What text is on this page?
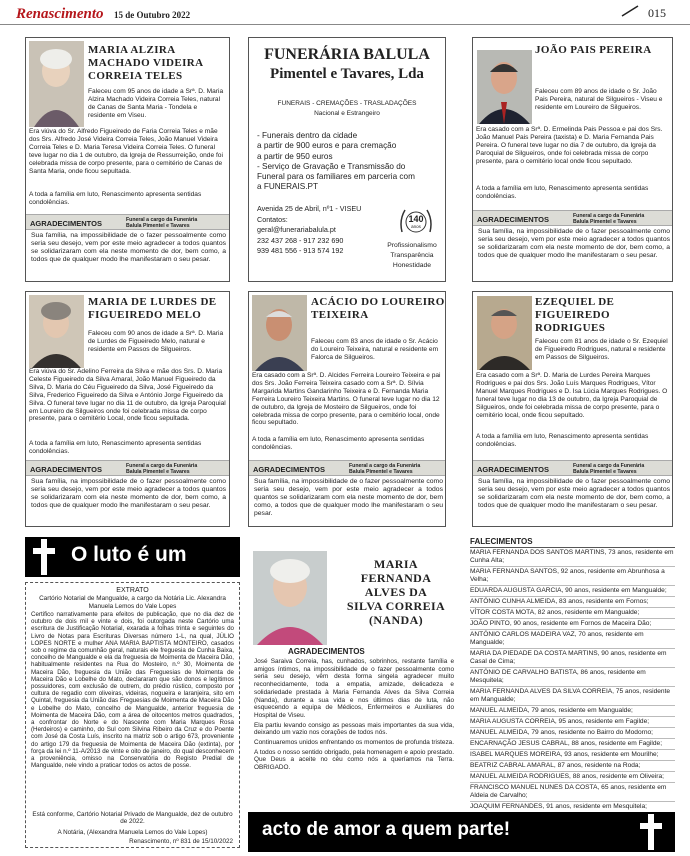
Renascimento 15 de Outubro 2022	015
MARIA ALZIRA
MACHADO VIDEIRA
CORREIA TELES
Faleceu com 95 anos de idade a Srª. D. Maria Alzira Machado Videira Correia Teles, natural de Canas de Santa Maria - Tondela e residente em Viseu.
Era viúva do Sr. Alfredo Figueiredo de Faria Correia Teles e mãe dos Srs. Alfredo José Videira Correia Teles, João Manuel Videira Correia Teles e D. Maria Teresa Videira Correia Teles. O funeral teve lugar no dia 1 de outubro, da Igreja de Ressurreição, onde foi celebrada missa de corpo presente, para o cemitério de Canas de Santa Maria, onde ficou sepultada.
A toda a família em luto, Renascimento apresenta sentidas condolências.
AGRADECIMENTOS	Funeral a cargo da Funerária
Balula Pimentel e Tavares
Sua família, na impossibilidade de o fazer pessoalmente como seria seu desejo, vem por este meio agradecer a todos quantos se solidarizaram com ela neste momento de dor, bem como, a todos que de qualquer modo lhe manifestaram o seu pesar.
FUNERÁRIA BALULA
Pimentel e Tavares, Lda
FUNERAIS - CREMAÇÕES - TRASLADAÇÕES
Nacional e Estrangeiro
- Funerais dentro da cidade
a partir de 900 euros e para cremação
a partir de 950 euros
- Serviço de Gravação e Transmissão do
Funeral para os familiares em parceria com
a FUNERAIS.PT
Avenida 25 de Abril, nº1 - VISEU
Contatos:
geral@funerariabalula.pt
232 437 268 - 917 232 690
939 481 556 - 913 574 192
140
anos
Profissionalismo
Transparência
Honestidade
JOÃO PAIS PEREIRA
Faleceu com 89 anos de idade o Sr. João Pais Pereira, natural de Silgueiros - Viseu e residente em Loureiro de Silgueiros.
Era casado com a Srª. D. Ermelinda Pais Pessoa e pai dos Srs. João Manuel Pais Pereira (taxista) e D. Maria Fernanda Pais Pereira. O funeral teve lugar no dia 7 de outubro, da Igreja da Paroquial de Silgueiros, onde foi celebrada missa de corpo presente, para o cemitério local onde ficou sepultado.
A toda a família em luto, Renascimento apresenta sentidas condolências.
AGRADECIMENTOS	Funeral a cargo da Funerária
Balula Pimentel e Tavares
Sua família, na impossibilidade de o fazer pessoalmente como seria seu desejo, vem por este meio agradecer a todos quantos se solidarizaram com ela neste momento de dor, bem como, a todos que de qualquer modo lhe manifestaram o seu pesar.
MARIA DE LURDES DE
FIGUEIREDO MELO
Faleceu com 90 anos de idade a Srª. D. Maria de Lurdes de Figueiredo Melo, natural e residente em Passos de Silgueiros.
Era viúva do Sr. Adelino Ferreira da Silva e mãe dos Srs. D. Maria Celeste Figueiredo da Silva Amaral, João Manuel Figueiredo da Silva, D. Maria do Céu Figueiredo da Silva, José Figueiredo da Silva, Frederico Figueiredo da Silva e António Jorge Figueiredo da Silva. O funeral teve lugar no dia 11 de outubro, da Igreja Paroquial em Loureiro de Silgueiros onde foi celebrada missa de corpo presente, para o cemitério Local, onde ficou sepultada.
A toda a família em luto, Renascimento apresenta sentidas condolências.
AGRADECIMENTOS	Funeral a cargo da Funerária
Balula Pimentel e Tavares
Sua família, na impossibilidade de o fazer pessoalmente como seria seu desejo, vem por este meio agradecer a todos quantos se solidarizaram com ela neste momento de dor, bem como, a todos que de qualquer modo lhe manifestaram o seu pesar.
ACÁCIO DO LOUREIRO
TEIXEIRA
Faleceu com 83 anos de idade o Sr. Acácio do Loureiro Teixeira, natural e residente em Falorca de Silgueiros.
Era casado com a Srª. D. Alcides Ferreira Loureiro Teixeira e pai dos Srs. João Ferreira Teixeira casado com a Srª. D. Sílvia Margarida Martins Gandarinho Teixeira e D. Fernanda Maria Ferreira Loureiro Teixeira Martins. O funeral teve lugar no dia 12 de outubro, da Igreja de Mosteiro de Silgueiros, onde foi celebrada missa de corpo presente, para o cemitério local, onde ficou sepultado.
A toda a família em luto, Renascimento apresenta sentidas condolências.
AGRADECIMENTOS	Funeral a cargo da Funerária
Balula Pimentel e Tavares
Sua família, na impossibilidade de o fazer pessoalmente como seria seu desejo, vem por este meio agradecer a todos quantos se solidarizaram com ela neste momento de dor, bem como, a todos que de qualquer modo lhe manifestaram o seu pesar.
EZEQUIEL DE
FIGUEIREDO
RODRIGUES
Faleceu com 81 anos de idade o Sr. Ezequiel de Figueiredo Rodrigues, natural e residente em Passos de Silgueiros.
Era casado com a Srª. D. Maria de Lurdes Pereira Marques Rodrigues e pai dos Srs. João Luís Marques Rodrigues, Vítor Manuel Marques Rodrigues e D. Isa Lúcia Marques Rodrigues. O funeral teve lugar no dia 13 de outubro, da Igreja Paroquial de Silgueiros, onde foi celebrada missa de corpo presente, para o cemitério local, onde ficou sepultado.
A toda a família em luto, Renascimento apresenta sentidas condolências.
AGRADECIMENTOS	Funeral a cargo da Funerária
Balula Pimentel e Tavares
Sua família, na impossibilidade de o fazer pessoalmente como seria seu desejo, vem por este meio agradecer a todos quantos se solidarizaram com ela neste momento de dor, bem como, a todos que de qualquer modo lhe manifestaram o seu pesar.
O luto é um
EXTRATO
Cartório Notarial de Mangualde, a cargo da Notária Lic. Alexandra Manuela Lemos do Vale Lopes
Certifico narrativamente para efeitos de publicação, que no dia dez de outubro de dois mil e vinte e dois, foi outorgada neste Cartório uma escritura de Justificação Notarial, exarada a folhas trinta e seguintes do Livro de Notas para Escrituras Diversas número 1-L, na qual, JÚLIO LOPES NORTE e mulher ANA MARIA BAPTISTA MONTEIRO, casados sob o regime da comunhão geral, naturais ele freguesia de Cunha Baixa, concelho de Mangualde e ela da freguesia de Moimenta de Maceira Dão, habitualmente residentes na Rua do Mosteiro, n.º 30, Moimenta de Maceira Dão, freguesia da União das Freguesias de Moimenta de Maceira Dão e Lobelhe do Mato, declararam que são donos e legítimos possuidores, com exclusão de outrem, do prédio rústico, composto por cultura de regadio com oliveiras, videiras, nogueira e laranjeira, sito em Quintal, freguesia da União das Freguesias de Moimenta de Maceira Dão e Lobelhe do Mato, concelho de Mangualde, anterior freguesia de Moimenta de Maceira Dão, com a área de oitocentos metros quadrados, a confrontar do Norte e do Nascente com Maria Marques Rosa (Herdeiros) e caminho, do Sul com Silvina Ribeiro da Cruz e do Poente com José da Costa Luís, inscrito na matriz sob o artigo 673, proveniente do artigo 179 da freguesia de Moimenta de Maceira Dão (extinta), por força da lei n.º 11-A/2013 de vinte e oito de janeiro, do qual desconhecem a proveniência, omisso na Conservatória do Registo Predial de Mangualde, nele vindo a praticar todos os actos de posse.
Está conforme, Cartório Notarial Privado de Mangualde, dez de outubro de 2022.
A Notária, (Alexandra Manuela Lemos do Vale Lopes)
Renascimento, nº 831 de 15/10/2022
MARIA
FERNANDA
ALVES DA
SILVA CORREIA
(NANDA)
AGRADECIMENTOS
José Saraiva Correia, has, cunhados, sobrinhos, restante família e amigos íntimos, na impossibilidade de o fazer pessoalmente como seria seu desejo, vêm desta forma singela agradecer muito reconhecidamente, toda a empatia, amizade, delicadeza e solidariedade prestada à Maria Fernanda Alves da Silva Correia (Nanda), durante a sua vida e nos últimos dias de luta, não esquecendo a equipa de Médicos, Enfermeiros e Auxiliares do Hospital de Viseu.
Ela partiu levando consigo as pessoas mais importantes da sua vida, deixando um vazio nos corações de todos nós.
Continuaremos unidos enfrentando os momentos de profunda tristeza.
A todos o nosso sentido obrigado, pela homenagem e apoio prestado. Que Deus a aceite no céu como nós a queríamos na Terra. OBRIGADO.
FALECIMENTOS
MARIA FERNANDA DOS SANTOS MARTINS, 73 anos, residente em Cunha Alta;
MARIA FERNANDA SANTOS, 92 anos, residente em Abrunhosa a Velha;
EDUARDA AUGUSTA GARCIA, 90 anos, residente em Mangualde;
ANTÓNIO CUNHA ALMEIDA, 83 anos, residente em Fornos;
VÍTOR COSTA MOTA, 82 anos, residente em Mangualde;
JOÃO PINTO, 90 anos, residente em Fornos de Maceira Dão;
ANTÓNIO CARLOS MADEIRA VAZ, 70 anos, residente em Mangualde;
MARIA DA PIEDADE DA COSTA MARTINS, 90 anos, residente em Casal de Cima;
ANTÓNIO DE CARVALHO BATISTA, 86 anos, residente em Mesquitela;
MARIA FERNANDA ALVES DA SILVA CORREIA, 75 anos, residente em Mangualde;
MANUEL ALMEIDA, 79 anos, residente em Mangualde;
MARIA AUGUSTA CORREIA, 95 anos, residente em Fagilde;
MANUEL ALMEIDA, 79 anos, residente no Bairro do Modorno;
ENCARNAÇÃO JESUS CABRAL, 88 anos, residente em Fagilde;
ISABEL MARQUES MOREIRA, 93 anos, residente em Mourilhe;
BEATRIZ CABRAL AMARAL, 87 anos, residente na Roda;
MANUEL ALMEIDA RODRIGUES, 88 anos, residente em Oliveira;
FRANCISCO MANUEL NUNES DA COSTA, 65 anos, residente em Aldeia de Carvalho;
JOAQUIM FERNANDES, 91 anos, residente em Mesquitela;
acto de amor a quem parte!
